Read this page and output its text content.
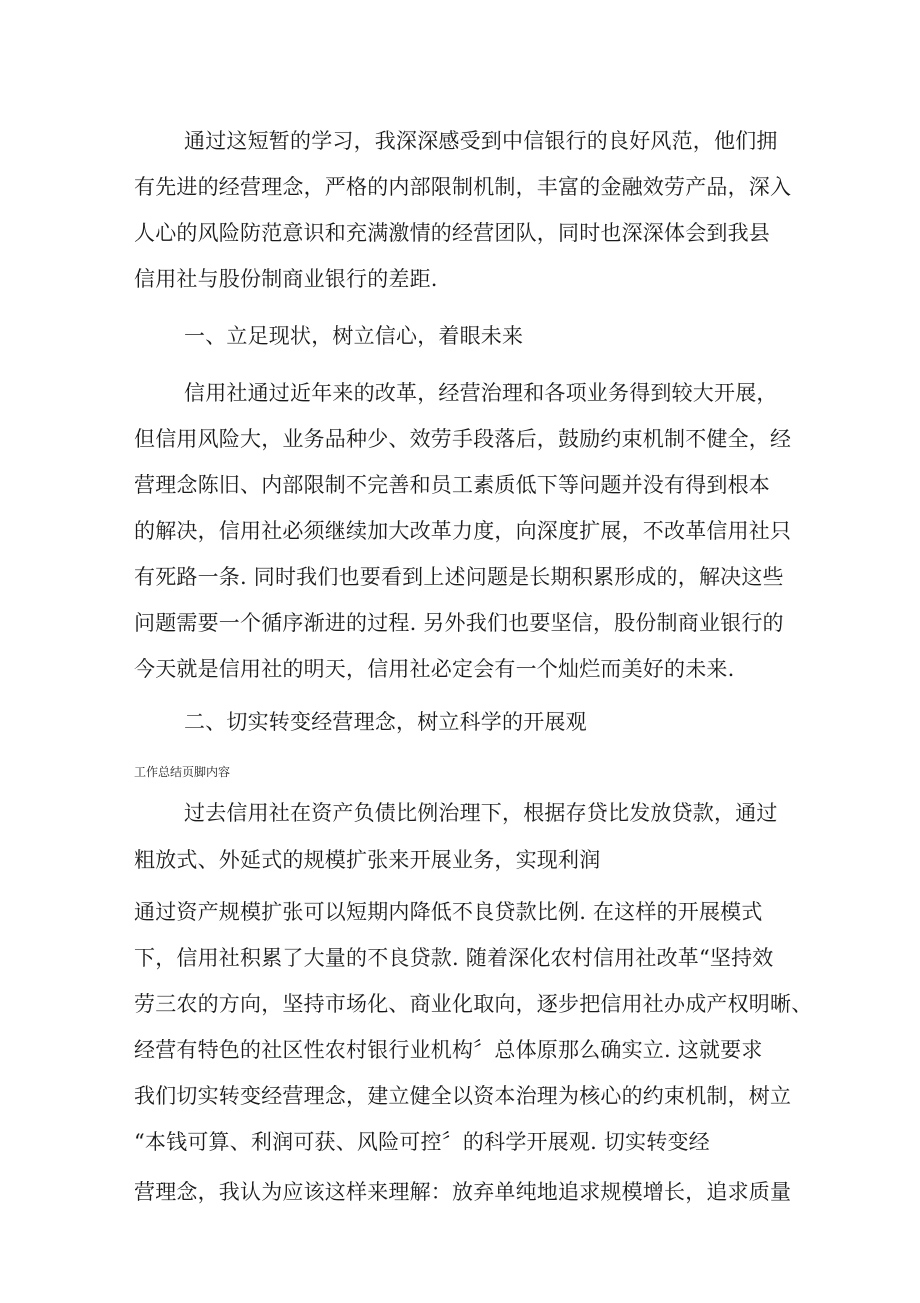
通过这短暂的学习，我深深感受到中信银行的良好风范，他们拥
有先进的经营理念，严格的内部限制机制，丰富的金融效劳产品，深入
人心的风险防范意识和充满激情的经营团队，同时也深深体会到我县
信用社与股份制商业银行的差距.
一、立足现状，树立信心，着眼未来
信用社通过近年来的改革，经营治理和各项业务得到较大开展，
但信用风险大，业务品种少、效劳手段落后，鼓励约束机制不健全，经
营理念陈旧、内部限制不完善和员工素质低下等问题并没有得到根本
的解决，信用社必须继续加大改革力度，向深度扩展，不改革信用社只
有死路一条. 同时我们也要看到上述问题是长期积累形成的，解决这些
问题需要一个循序渐进的过程. 另外我们也要坚信，股份制商业银行的
今天就是信用社的明天，信用社必定会有一个灿烂而美好的未来.
二、切实转变经营理念，树立科学的开展观
工作总结页脚内容
过去信用社在资产负债比例治理下，根据存贷比发放贷款，通过
粗放式、外延式的规模扩张来开展业务，实现利润
通过资产规模扩张可以短期内降低不良贷款比例. 在这样的开展模式
下，信用社积累了大量的不良贷款. 随着深化农村信用社改革“坚持效
劳三农的方向，坚持市场化、商业化取向，逐步把信用社办成产权明晰、
经营有特色的社区性农村银行业机构〞总体原那么确实立. 这就要求
我们切实转变经营理念，建立健全以资本治理为核心的约束机制，树立
“本钱可算、利润可获、风险可控〞的科学开展观. 切实转变经
营理念，我认为应该这样来理解：放弃单纯地追求规模增长，追求质量
